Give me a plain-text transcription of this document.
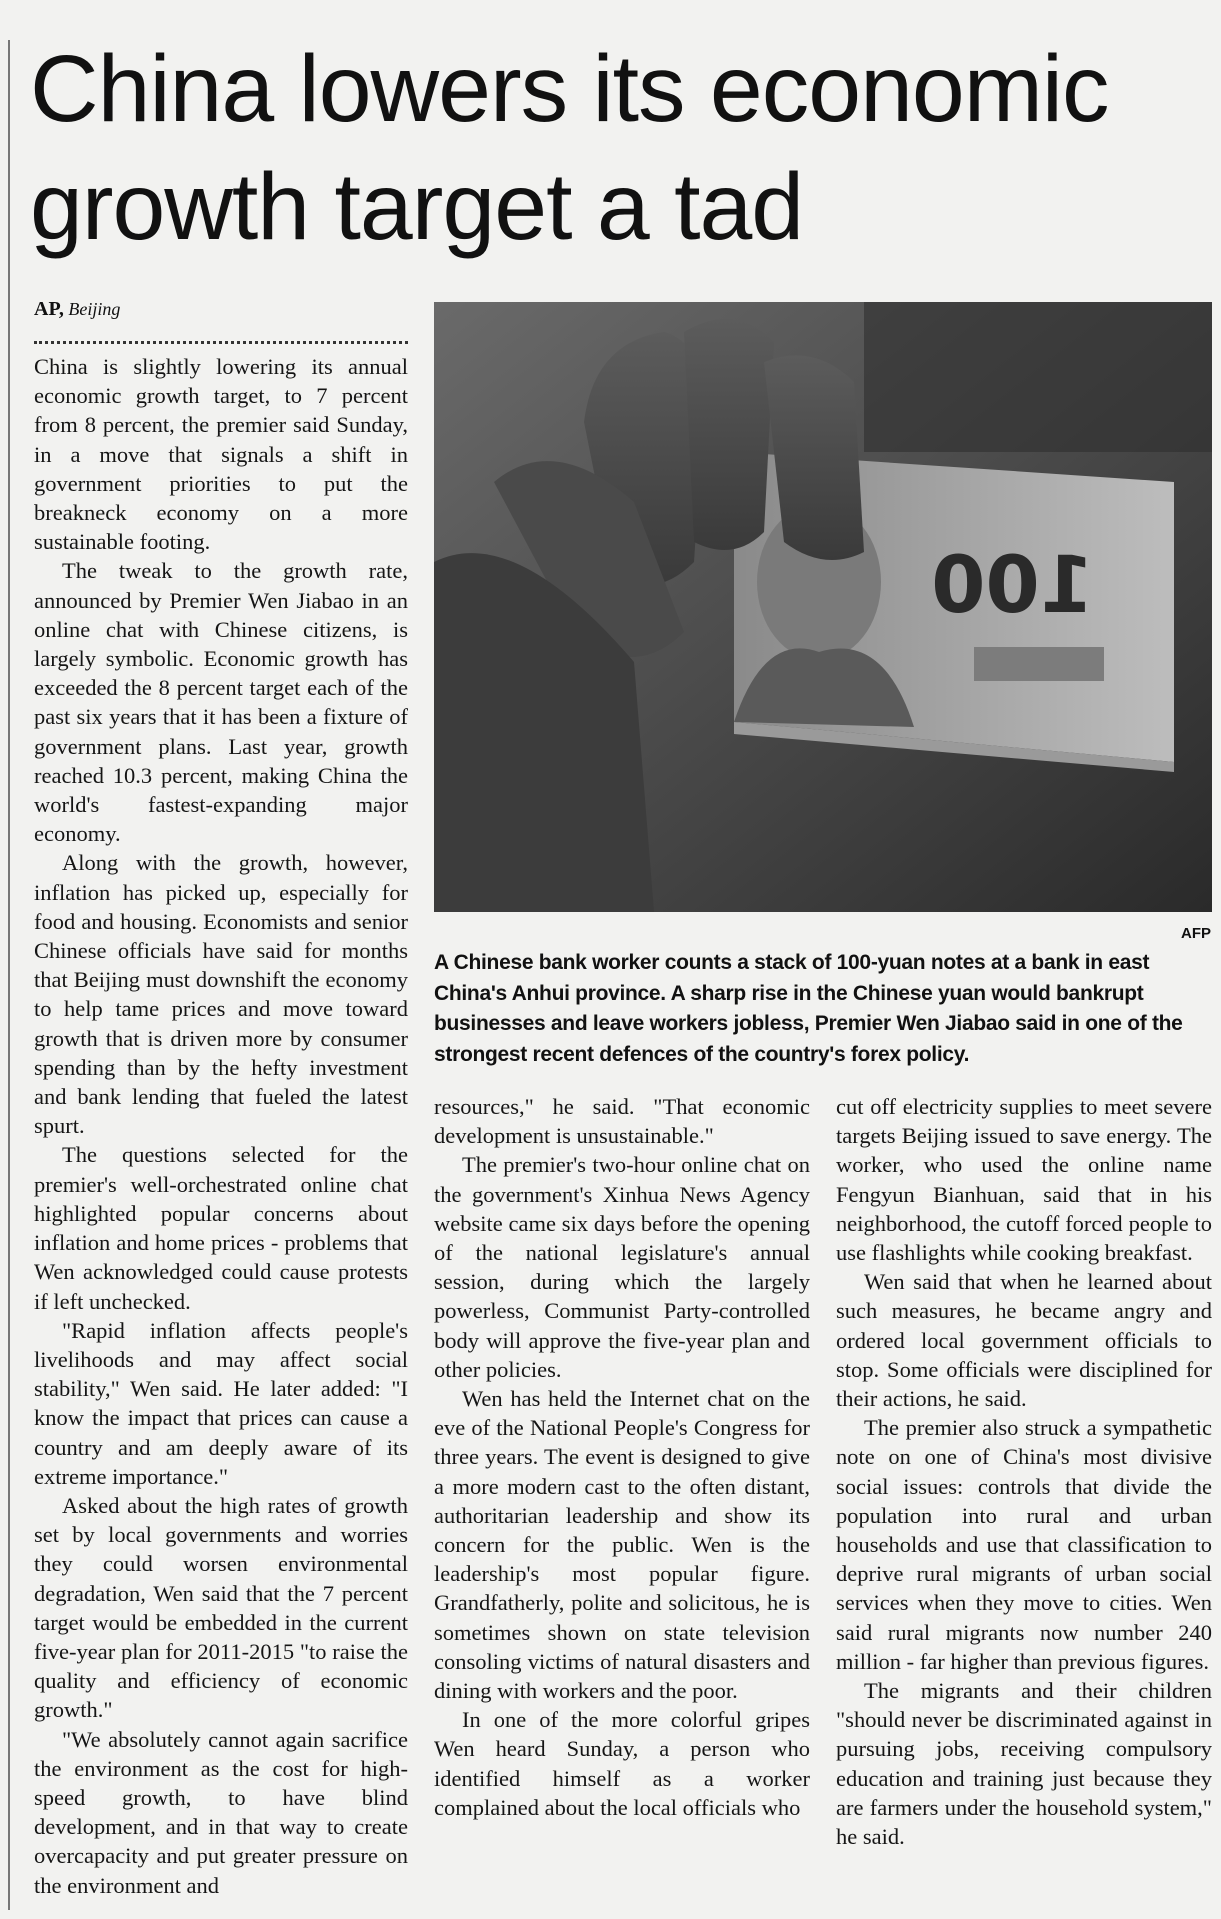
China lowers its economic growth target a tad
AP, Beijing

China is slightly lowering its annual economic growth target, to 7 percent from 8 percent, the premier said Sunday, in a move that signals a shift in government priorities to put the breakneck economy on a more sustainable footing.

The tweak to the growth rate, announced by Premier Wen Jiabao in an online chat with Chinese citizens, is largely symbolic. Economic growth has exceeded the 8 percent target each of the past six years that it has been a fixture of government plans. Last year, growth reached 10.3 percent, making China the world's fastest-expanding major economy.

Along with the growth, however, inflation has picked up, especially for food and housing. Economists and senior Chinese officials have said for months that Beijing must downshift the economy to help tame prices and move toward growth that is driven more by consumer spending than by the hefty investment and bank lending that fueled the latest spurt.

The questions selected for the premier's well-orchestrated online chat highlighted popular concerns about inflation and home prices - problems that Wen acknowledged could cause protests if left unchecked.

"Rapid inflation affects people's livelihoods and may affect social stability," Wen said. He later added: "I know the impact that prices can cause a country and am deeply aware of its extreme importance."

Asked about the high rates of growth set by local governments and worries they could worsen environmental degradation, Wen said that the 7 percent target would be embedded in the current five-year plan for 2011-2015 "to raise the quality and efficiency of economic growth."

"We absolutely cannot again sacrifice the environment as the cost for high-speed growth, to have blind development, and in that way to create overcapacity and put greater pressure on the environment and

100
AFP
A Chinese bank worker counts a stack of 100-yuan notes at a bank in east China's Anhui province. A sharp rise in the Chinese yuan would bankrupt businesses and leave workers jobless, Premier Wen Jiabao said in one of the strongest recent defences of the country's forex policy.

resources," he said. "That economic development is unsustainable."

The premier's two-hour online chat on the government's Xinhua News Agency website came six days before the opening of the national legislature's annual session, during which the largely powerless, Communist Party-controlled body will approve the five-year plan and other policies.

Wen has held the Internet chat on the eve of the National People's Congress for three years. The event is designed to give a more modern cast to the often distant, authoritarian leadership and show its concern for the public. Wen is the leadership's most popular figure. Grandfatherly, polite and solicitous, he is sometimes shown on state television consoling victims of natural disasters and dining with workers and the poor.

In one of the more colorful gripes Wen heard Sunday, a person who identified himself as a worker complained about the local officials who

cut off electricity supplies to meet severe targets Beijing issued to save energy. The worker, who used the online name Fengyun Bianhuan, said that in his neighborhood, the cutoff forced people to use flashlights while cooking breakfast.

Wen said that when he learned about such measures, he became angry and ordered local government officials to stop. Some officials were disciplined for their actions, he said.

The premier also struck a sympathetic note on one of China's most divisive social issues: controls that divide the population into rural and urban households and use that classification to deprive rural migrants of urban social services when they move to cities. Wen said rural migrants now number 240 million - far higher than previous figures.

The migrants and their children "should never be discriminated against in pursuing jobs, receiving compulsory education and training just because they are farmers under the household system," he said.
